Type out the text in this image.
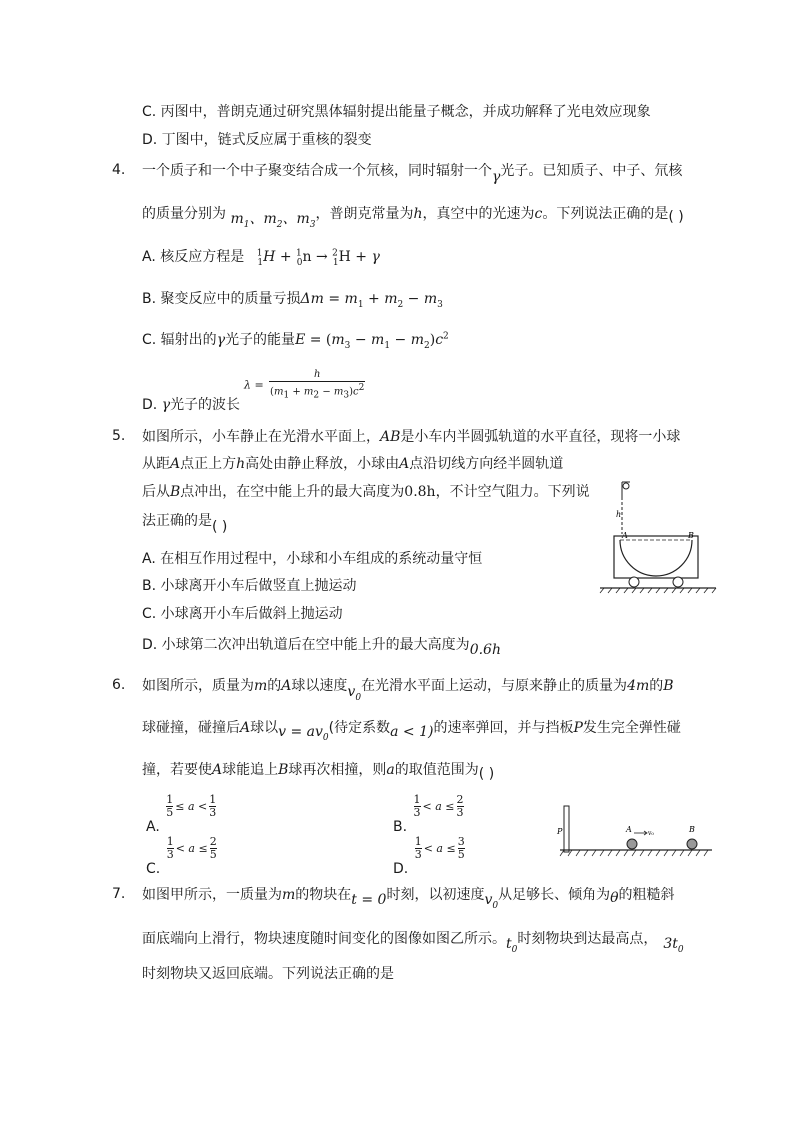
C. 丙图中，普朗克通过研究黑体辐射提出能量子概念，并成功解释了光电效应现象
D. 丁图中，链式反应属于重核的裂变
4. 一个质子和一个中子聚变结合成一个氘核，同时辐射一个γ光子。已知质子、中子、氘核
的质量分别为 $m_1$、$m_2$、$m_3$，普朗克常量为h，真空中的光速为c。下列说法正确的是( )
A. 核反应方程是 $^1_1$H + $^1_0$n → $^2_1$H + γ
B. 聚变反应中的质量亏损$\Delta m = m_1 + m_2 - m_3$
C. 辐射出的γ光子的能量$E = (m_3 - m_1 - m_2)c^2$
D. γ光子的波长
$\lambda = \frac{h}{(m_1 + m_2 - m_3)c^2}$
5. 如图所示，小车静止在光滑水平面上，AB是小车内半圆弧轨道的水平直径，现将一小球
从距A点正上方h高处由静止释放，小球由A点沿切线方向经半圆轨道
后从B点冲出，在空中能上升的最大高度为0.8h，不计空气阻力。下列说
法正确的是( )
A. 在相互作用过程中，小球和小车组成的系统动量守恒
B. 小球离开小车后做竖直上抛运动
C. 小球离开小车后做斜上抛运动
D. 小球第二次冲出轨道后在空中能上升的最大高度为0.6h
h
A	B
6. 如图所示，质量为m的A球以速度$v_0$在光滑水平面上运动，与原来静止的质量为4m的B
球碰撞，碰撞后A球以$v = av_0$(待定系数a < 1)的速率弹回，并与挡板P发生完全弹性碰
撞，若要使A球能追上B球再次相撞，则a的取值范围为( )
A.
$\frac{1}{5} \le a < \frac{1}{3}$
C.
$\frac{1}{3} < a \le \frac{2}{5}$
B.
$\frac{1}{3} < a \le \frac{2}{3}$
D.
$\frac{1}{3} < a \le \frac{3}{5}$
P	A	v₀	B
7. 如图甲所示，一质量为m的物块在t = 0时刻，以初速度$v_0$从足够长、倾角为θ的粗糙斜
面底端向上滑行，物块速度随时间变化的图像如图乙所示。$t_0$时刻物块到达最高点， $3t_0$
时刻物块又返回底端。下列说法正确的是
